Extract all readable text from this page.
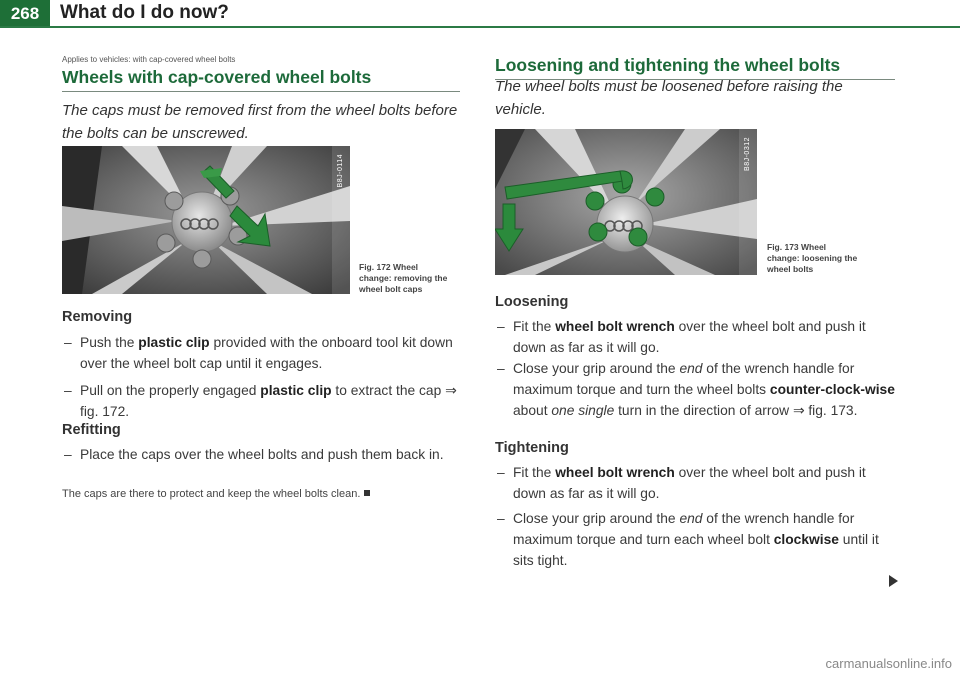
268	What do I do now?
Applies to vehicles: with cap-covered wheel bolts
Wheels with cap-covered wheel bolts
The caps must be removed first from the wheel bolts before the bolts can be unscrewed.
B8J-0114
Fig. 172 Wheel
change: removing the
wheel bolt caps
Removing
– Push the plastic clip provided with the onboard tool kit down over the wheel bolt cap until it engages.
– Pull on the properly engaged plastic clip to extract the cap ⇒ fig. 172.
Refitting
– Place the caps over the wheel bolts and push them back in.
The caps are there to protect and keep the wheel bolts clean.
Loosening and tightening the wheel bolts
The wheel bolts must be loosened before raising the vehicle.
B8J-0312
Fig. 173 Wheel
change: loosening the
wheel bolts
Loosening
– Fit the wheel bolt wrench over the wheel bolt and push it down as far as it will go.
– Close your grip around the end of the wrench handle for maximum torque and turn the wheel bolts counter-clock-wise about one single turn in the direction of arrow ⇒ fig. 173.
Tightening
– Fit the wheel bolt wrench over the wheel bolt and push it down as far as it will go.
– Close your grip around the end of the wrench handle for maximum torque and turn each wheel bolt clockwise until it sits tight.
carmanualsonline.info
